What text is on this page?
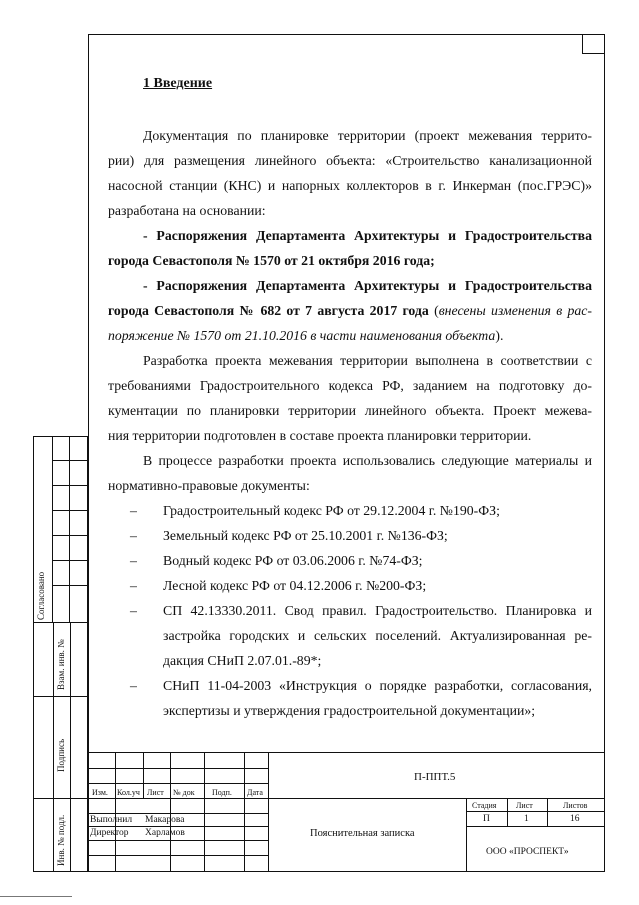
1 Введение
Документация по планировке территории (проект межевания террито-
рии) для размещения линейного объекта: «Строительство канализационной
насосной станции (КНС) и напорных коллекторов в г. Инкерман (пос.ГРЭС)»
разработана на основании:
- Распоряжения Департамента Архитектуры и Градостроительства
города Севастополя № 1570 от 21 октября 2016 года;
- Распоряжения Департамента Архитектуры и Градостроительства
города Севастополя № 682 от 7 августа 2017 года (внесены изменения в рас-
поряжение № 1570 от 21.10.2016 в части наименования объекта).
Разработка проекта межевания территории выполнена в соответствии с
требованиями Градостроительного кодекса РФ, заданием на подготовку до-
кументации по планировки территории линейного объекта. Проект межева-
ния территории подготовлен в составе проекта планировки территории.
В процессе разработки проекта использовались следующие материалы и
нормативно-правовые документы:
– Градостроительный кодекс РФ от 29.12.2004 г. №190-ФЗ;
– Земельный кодекс РФ от 25.10.2001 г. №136-ФЗ;
– Водный кодекс РФ от 03.06.2006 г. №74-ФЗ;
– Лесной кодекс РФ от 04.12.2006 г. №200-ФЗ;
– СП 42.13330.2011. Свод правил. Градостроительство. Планировка и
застройка городских и сельских поселений. Актуализированная ре-
дакция СНиП 2.07.01.-89*;
– СНиП 11-04-2003 «Инструкция о порядке разработки, согласования,
экспертизы и утверждения градостроительной документации»;
Согласовано
Взам. инв. №
Подпись
Инв. № подл.
Изм. Кол.уч Лист № док Подп. Дата
Выполнил Макарова
Директор Харламов
П-ППТ.5
Пояснительная записка
Стадия Лист	Листов
П	1	16
ООО «ПРОСПЕКТ»
